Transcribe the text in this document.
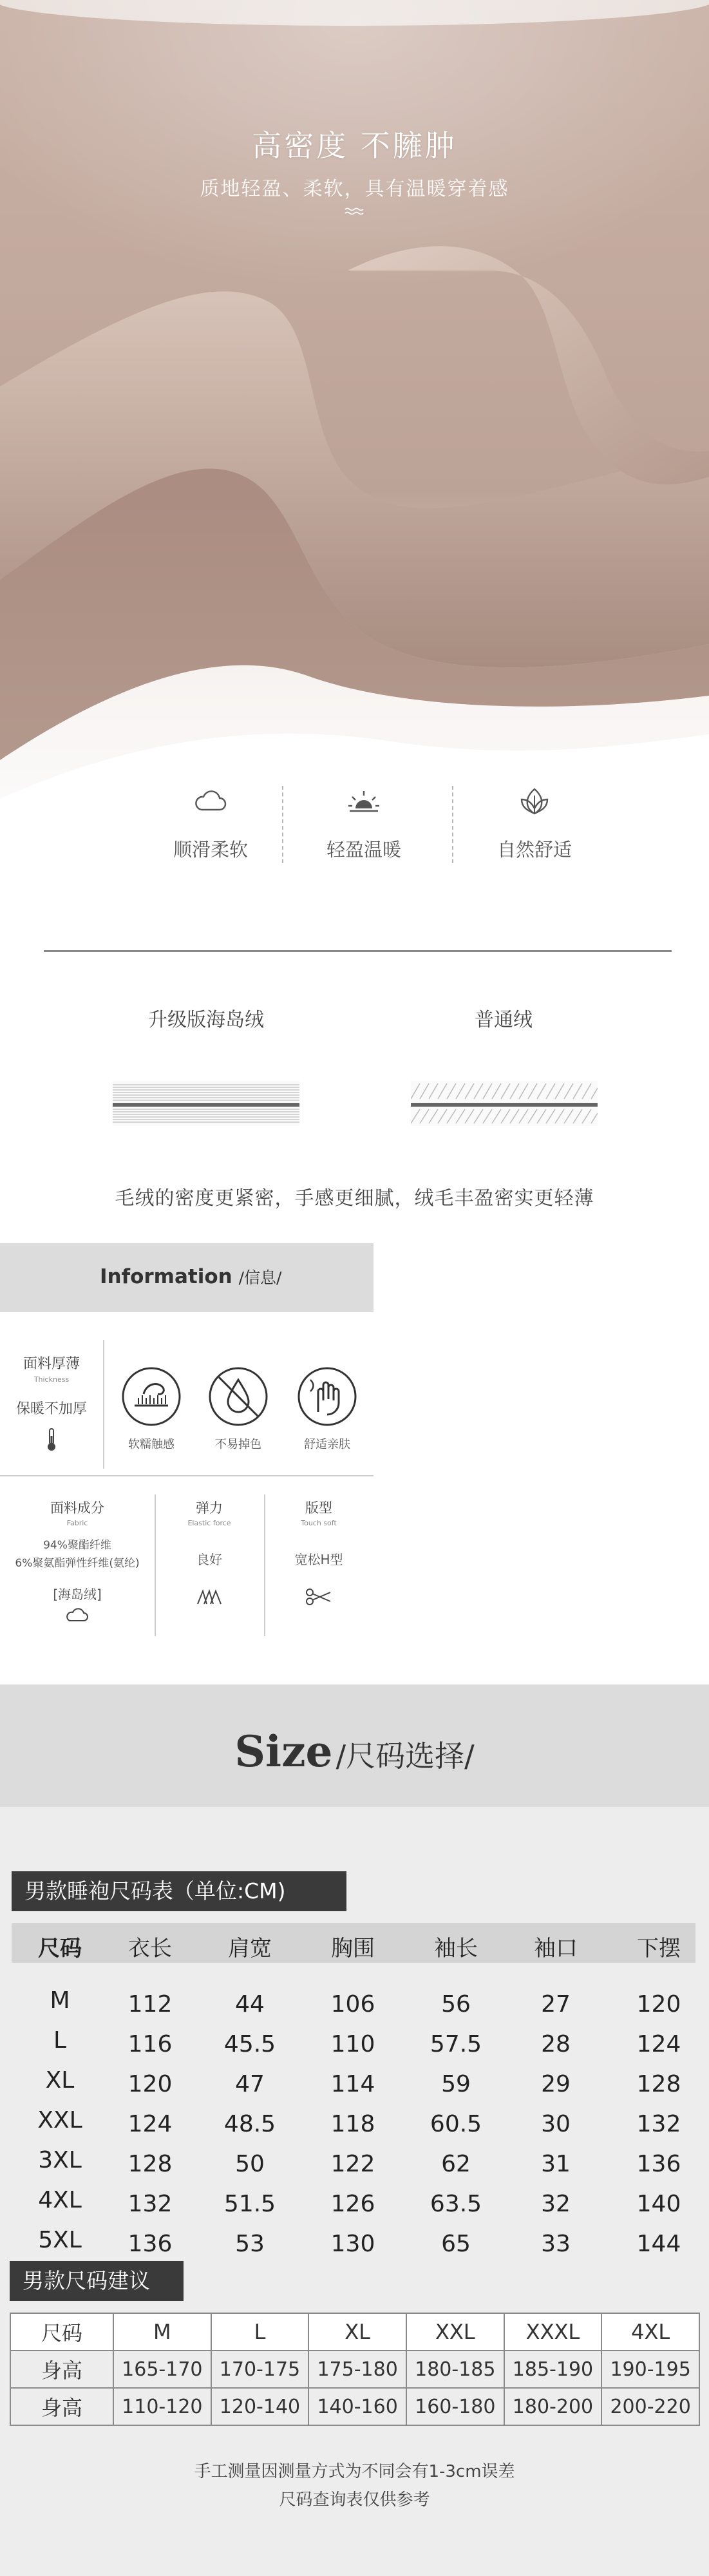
高密度 不臃肿
质地轻盈、柔软，具有温暖穿着感
顺滑柔软	轻盈温暖	自然舒适
升级版海岛绒	普通绒
毛绒的密度更紧密，手感更细腻，绒毛丰盈密实更轻薄
Information /信息/
面料厚薄
Thickness
保暖不加厚
软糯触感	不易掉色	舒适亲肤
面料成分
Fabric
94%聚酯纤维
6%聚氨酯弹性纤维(氨纶)
[海岛绒]
弹力
Elastic force
良好
版型
Touch soft
宽松H型
Size /尺码选择/
男款睡袍尺码表（单位:CM)
尺码	衣长	肩宽	胸围	袖长	袖口	下摆
M	112	44	106	56	27	120
L	116	45.5	110	57.5	28	124
XL	120	47	114	59	29	128
XXL	124	48.5	118	60.5	30	132
3XL	128	50	122	62	31	136
4XL	132	51.5	126	63.5	32	140
5XL	136	53	130	65	33	144
男款尺码建议
尺码	M	L	XL	XXL	XXXL	4XL
身高	165-170	170-175	175-180	180-185	185-190	190-195
身高	110-120	120-140	140-160	160-180	180-200	200-220
手工测量因测量方式为不同会有1-3cm误差
尺码查询表仅供参考
